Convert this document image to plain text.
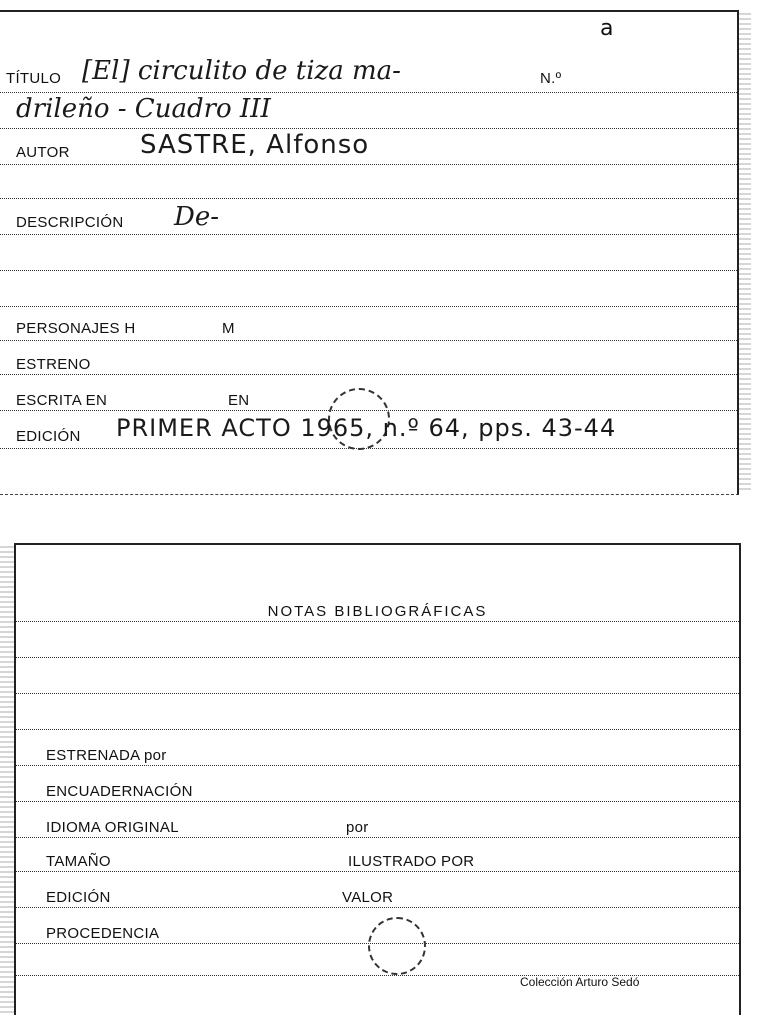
a
TÍTULO [El] circulito de tiza ma-	N.º
drileño - Cuadro III
AUTOR	SASTRE, Alfonso
DESCRIPCIÓN De-
PERSONAJES H	M
ESTRENO
ESCRITA EN	EN
EDICIÓN PRIMER ACTO 1965, n.º 64, pps. 43-44
NOTAS BIBLIOGRÁFICAS
ESTRENADA por
ENCUADERNACIÓN
IDIOMA ORIGINAL	por
TAMAÑO	ILUSTRADO POR
EDICIÓN	VALOR
PROCEDENCIA
Colección Arturo Sedó
